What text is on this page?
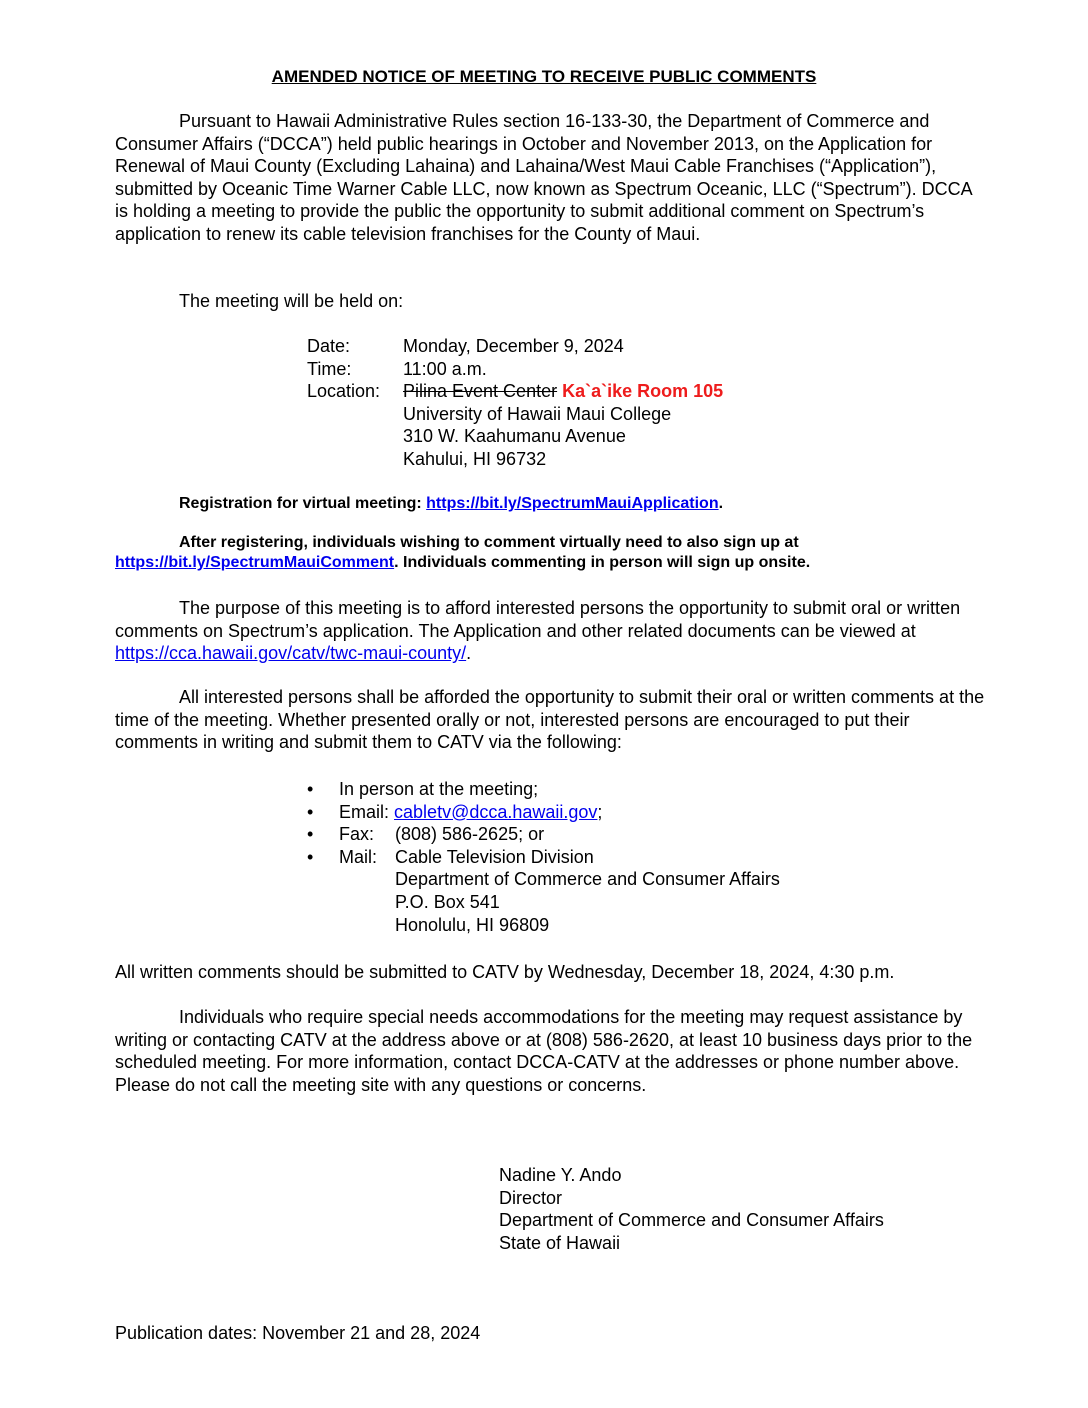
AMENDED NOTICE OF MEETING TO RECEIVE PUBLIC COMMENTS

Pursuant to Hawaii Administrative Rules section 16-133-30, the Department of Commerce and Consumer Affairs (“DCCA”) held public hearings in October and November 2013, on the Application for Renewal of Maui County (Excluding Lahaina) and Lahaina/West Maui Cable Franchises (“Application”), submitted by Oceanic Time Warner Cable LLC, now known as Spectrum Oceanic, LLC (“Spectrum”). DCCA is holding a meeting to provide the public the opportunity to submit additional comment on Spectrum’s application to renew its cable television franchises for the County of Maui.

The meeting will be held on:

Date:	Monday, December 9, 2024
Time:	11:00 a.m.
Location:	Pilina Event Center Ka`a`ike Room 105
University of Hawaii Maui College
310 W. Kaahumanu Avenue
Kahului, HI 96732

Registration for virtual meeting: https://bit.ly/SpectrumMauiApplication.

After registering, individuals wishing to comment virtually need to also sign up at https://bit.ly/SpectrumMauiComment. Individuals commenting in person will sign up onsite.

The purpose of this meeting is to afford interested persons the opportunity to submit oral or written comments on Spectrum’s application. The Application and other related documents can be viewed at https://cca.hawaii.gov/catv/twc-maui-county/.

All interested persons shall be afforded the opportunity to submit their oral or written comments at the time of the meeting. Whether presented orally or not, interested persons are encouraged to put their comments in writing and submit them to CATV via the following:

•	In person at the meeting;
•	Email:
cabletv@dcca.hawaii.gov ;
•	Fax:	(808) 586-2625; or
•	Mail: Cable Television Division
Department of Commerce and Consumer Affairs
P.O. Box 541
Honolulu, HI 96809

All written comments should be submitted to CATV by Wednesday, December 18, 2024, 4:30 p.m.

Individuals who require special needs accommodations for the meeting may request assistance by writing or contacting CATV at the address above or at (808) 586-2620, at least 10 business days prior to the scheduled meeting. For more information, contact DCCA-CATV at the addresses or phone number above. Please do not call the meeting site with any questions or concerns.

Nadine Y. Ando
Director
Department of Commerce and Consumer Affairs
State of Hawaii
Publication dates: November 21 and 28, 2024
